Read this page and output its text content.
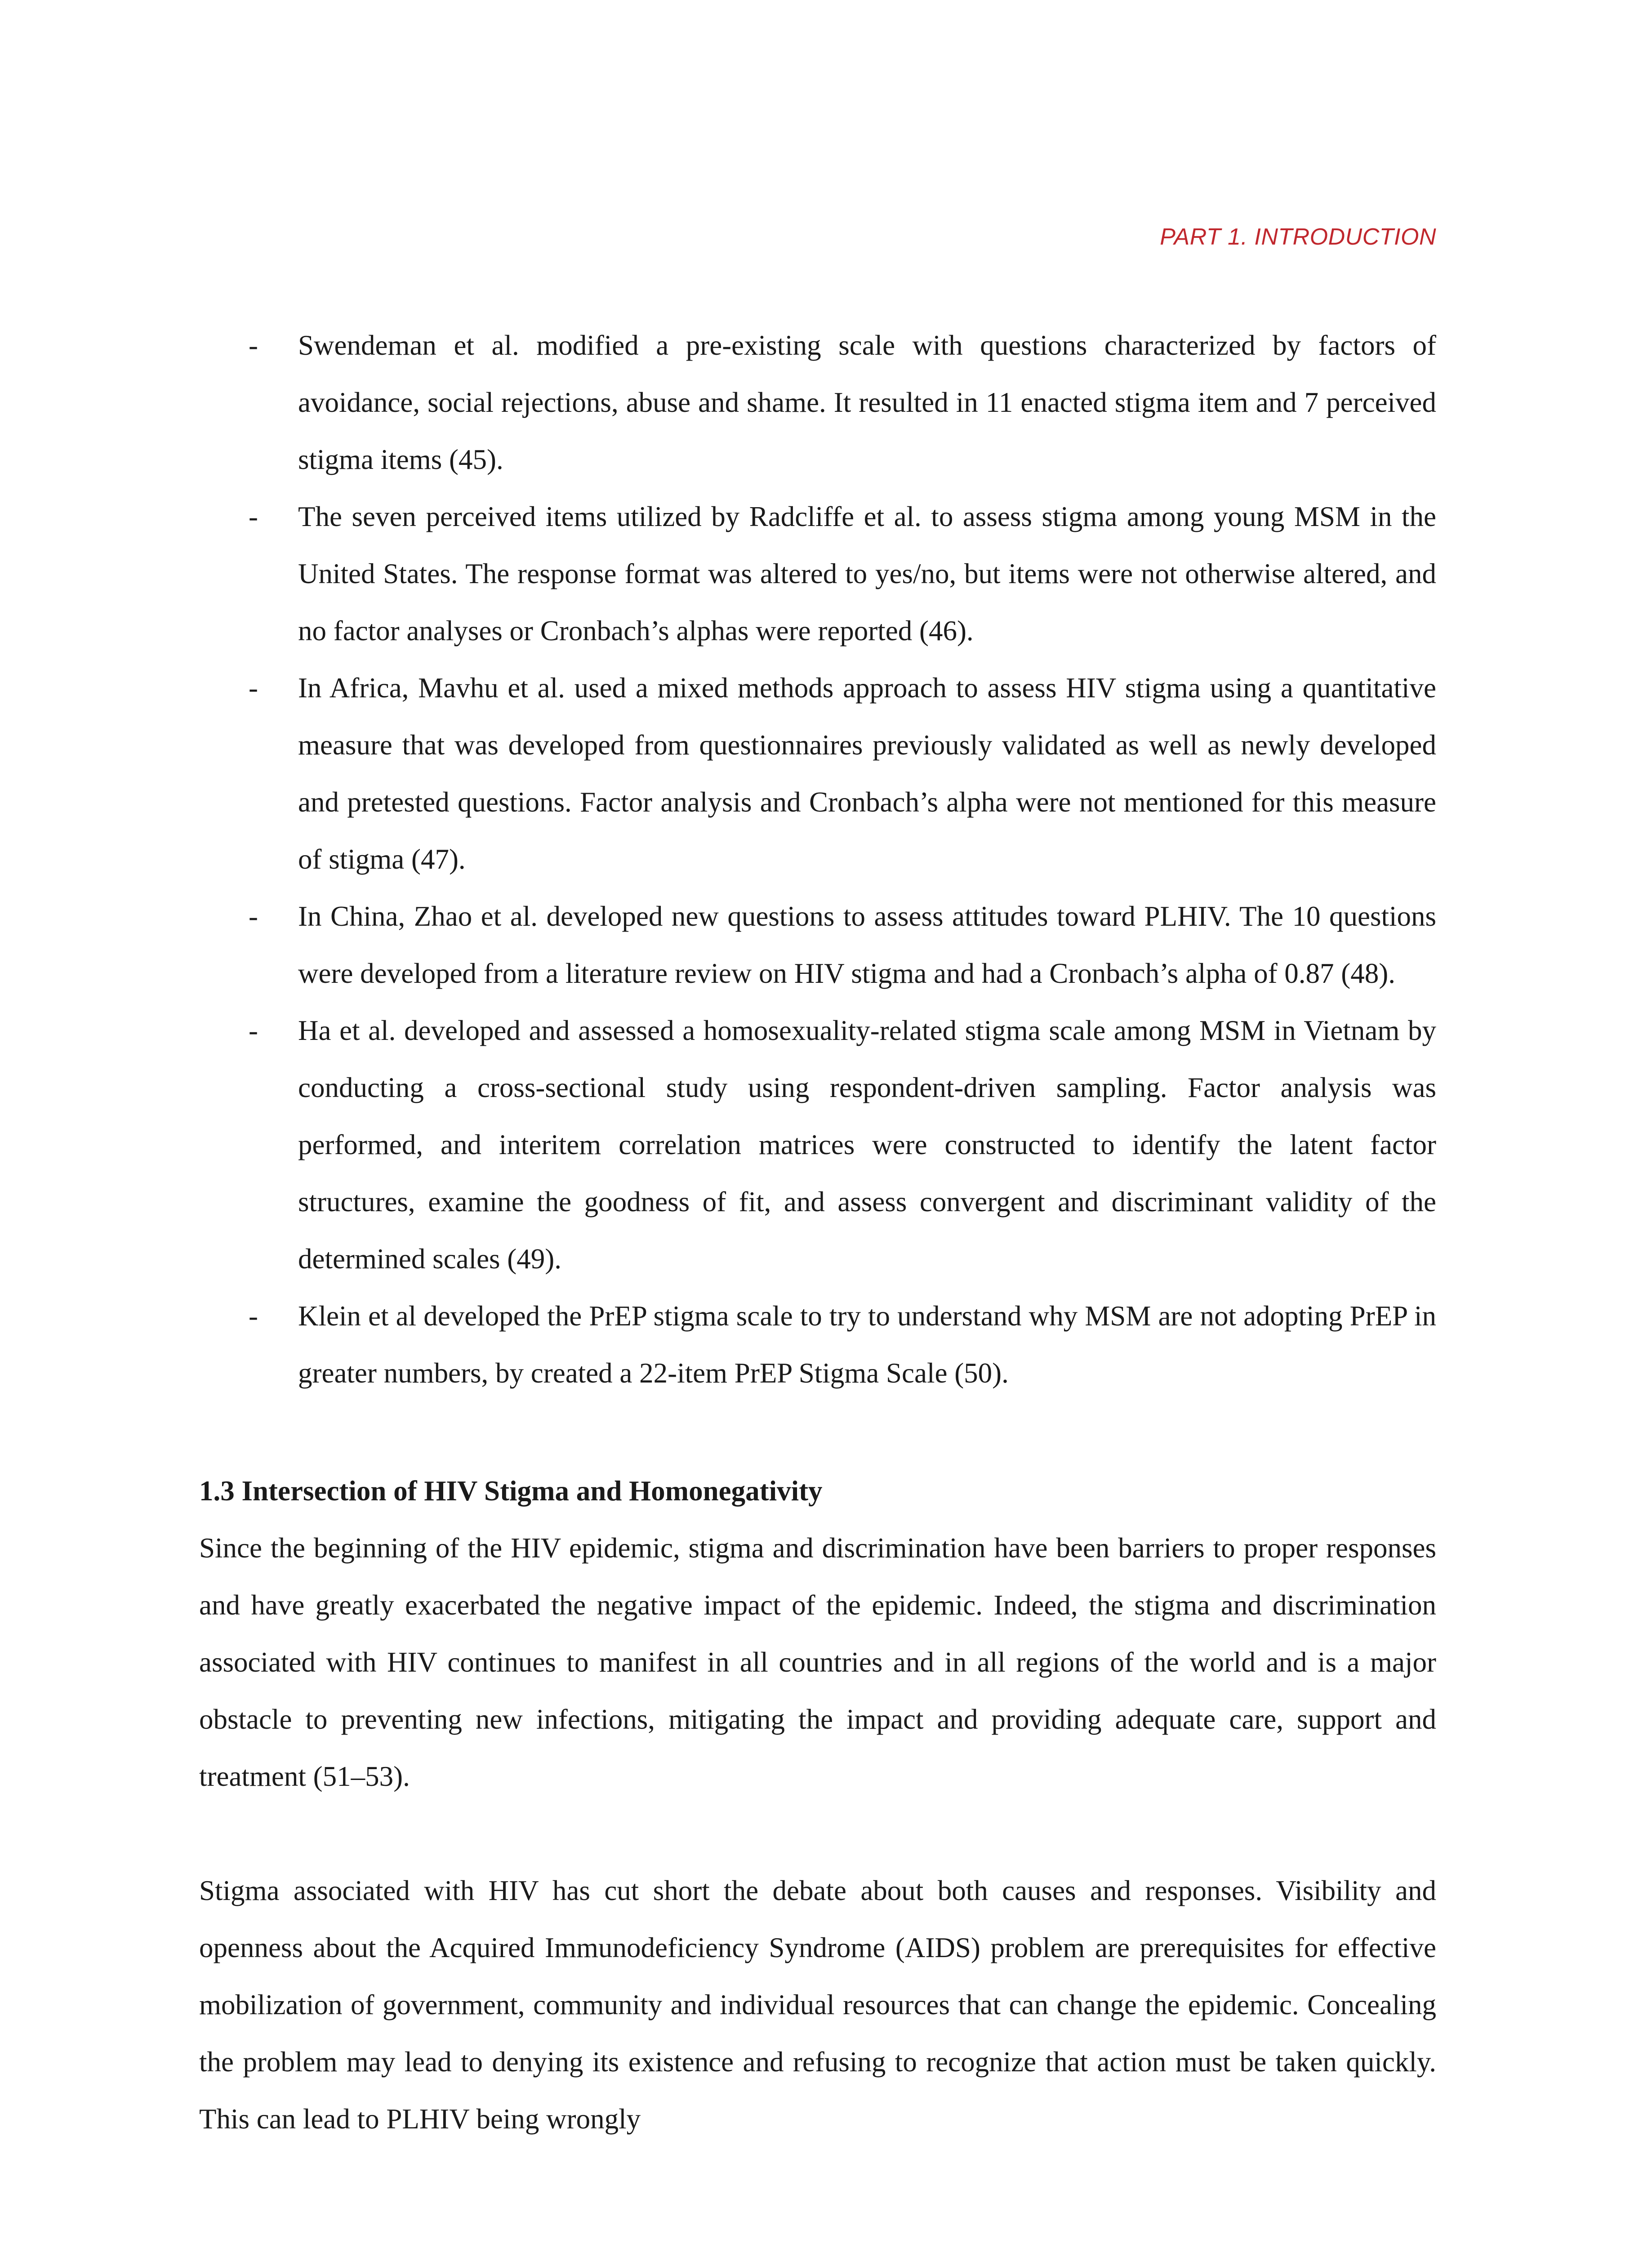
PART 1. INTRODUCTION
-	Swendeman et al. modified a pre-existing scale with questions characterized by factors of avoidance, social rejections, abuse and shame. It resulted in 11 enacted stigma item and 7 perceived stigma items (45).
-	The seven perceived items utilized by Radcliffe et al. to assess stigma among young MSM in the United States. The response format was altered to yes/no, but items were not otherwise altered, and no factor analyses or Cronbach’s alphas were reported (46).
-	In Africa, Mavhu et al. used a mixed methods approach to assess HIV stigma using a quantitative measure that was developed from questionnaires previously validated as well as newly developed and pretested questions. Factor analysis and Cronbach’s alpha were not mentioned for this measure of stigma (47).
-	In China, Zhao et al. developed new questions to assess attitudes toward PLHIV. The 10 questions were developed from a literature review on HIV stigma and had a Cronbach’s alpha of 0.87 (48).
-	Ha et al. developed and assessed a homosexuality-related stigma scale among MSM in Vietnam by conducting a cross-sectional study using respondent-driven sampling. Factor analysis was performed, and interitem correlation matrices were constructed to identify the latent factor structures, examine the goodness of fit, and assess convergent and discriminant validity of the determined scales (49).
-	Klein et al developed the PrEP stigma scale to try to understand why MSM are not adopting PrEP in greater numbers, by created a 22-item PrEP Stigma Scale (50).
1.3 Intersection of HIV Stigma and Homonegativity

Since the beginning of the HIV epidemic, stigma and discrimination have been barriers to proper responses and have greatly exacerbated the negative impact of the epidemic. Indeed, the stigma and discrimination associated with HIV continues to manifest in all countries and in all regions of the world and is a major obstacle to preventing new infections, mitigating the impact and providing adequate care, support and treatment (51–53).

Stigma associated with HIV has cut short the debate about both causes and responses. Visibility and openness about the Acquired Immunodeficiency Syndrome (AIDS) problem are prerequisites for effective mobilization of government, community and individual resources that can change the epidemic. Concealing the problem may lead to denying its existence and refusing to recognize that action must be taken quickly. This can lead to PLHIV being wrongly
